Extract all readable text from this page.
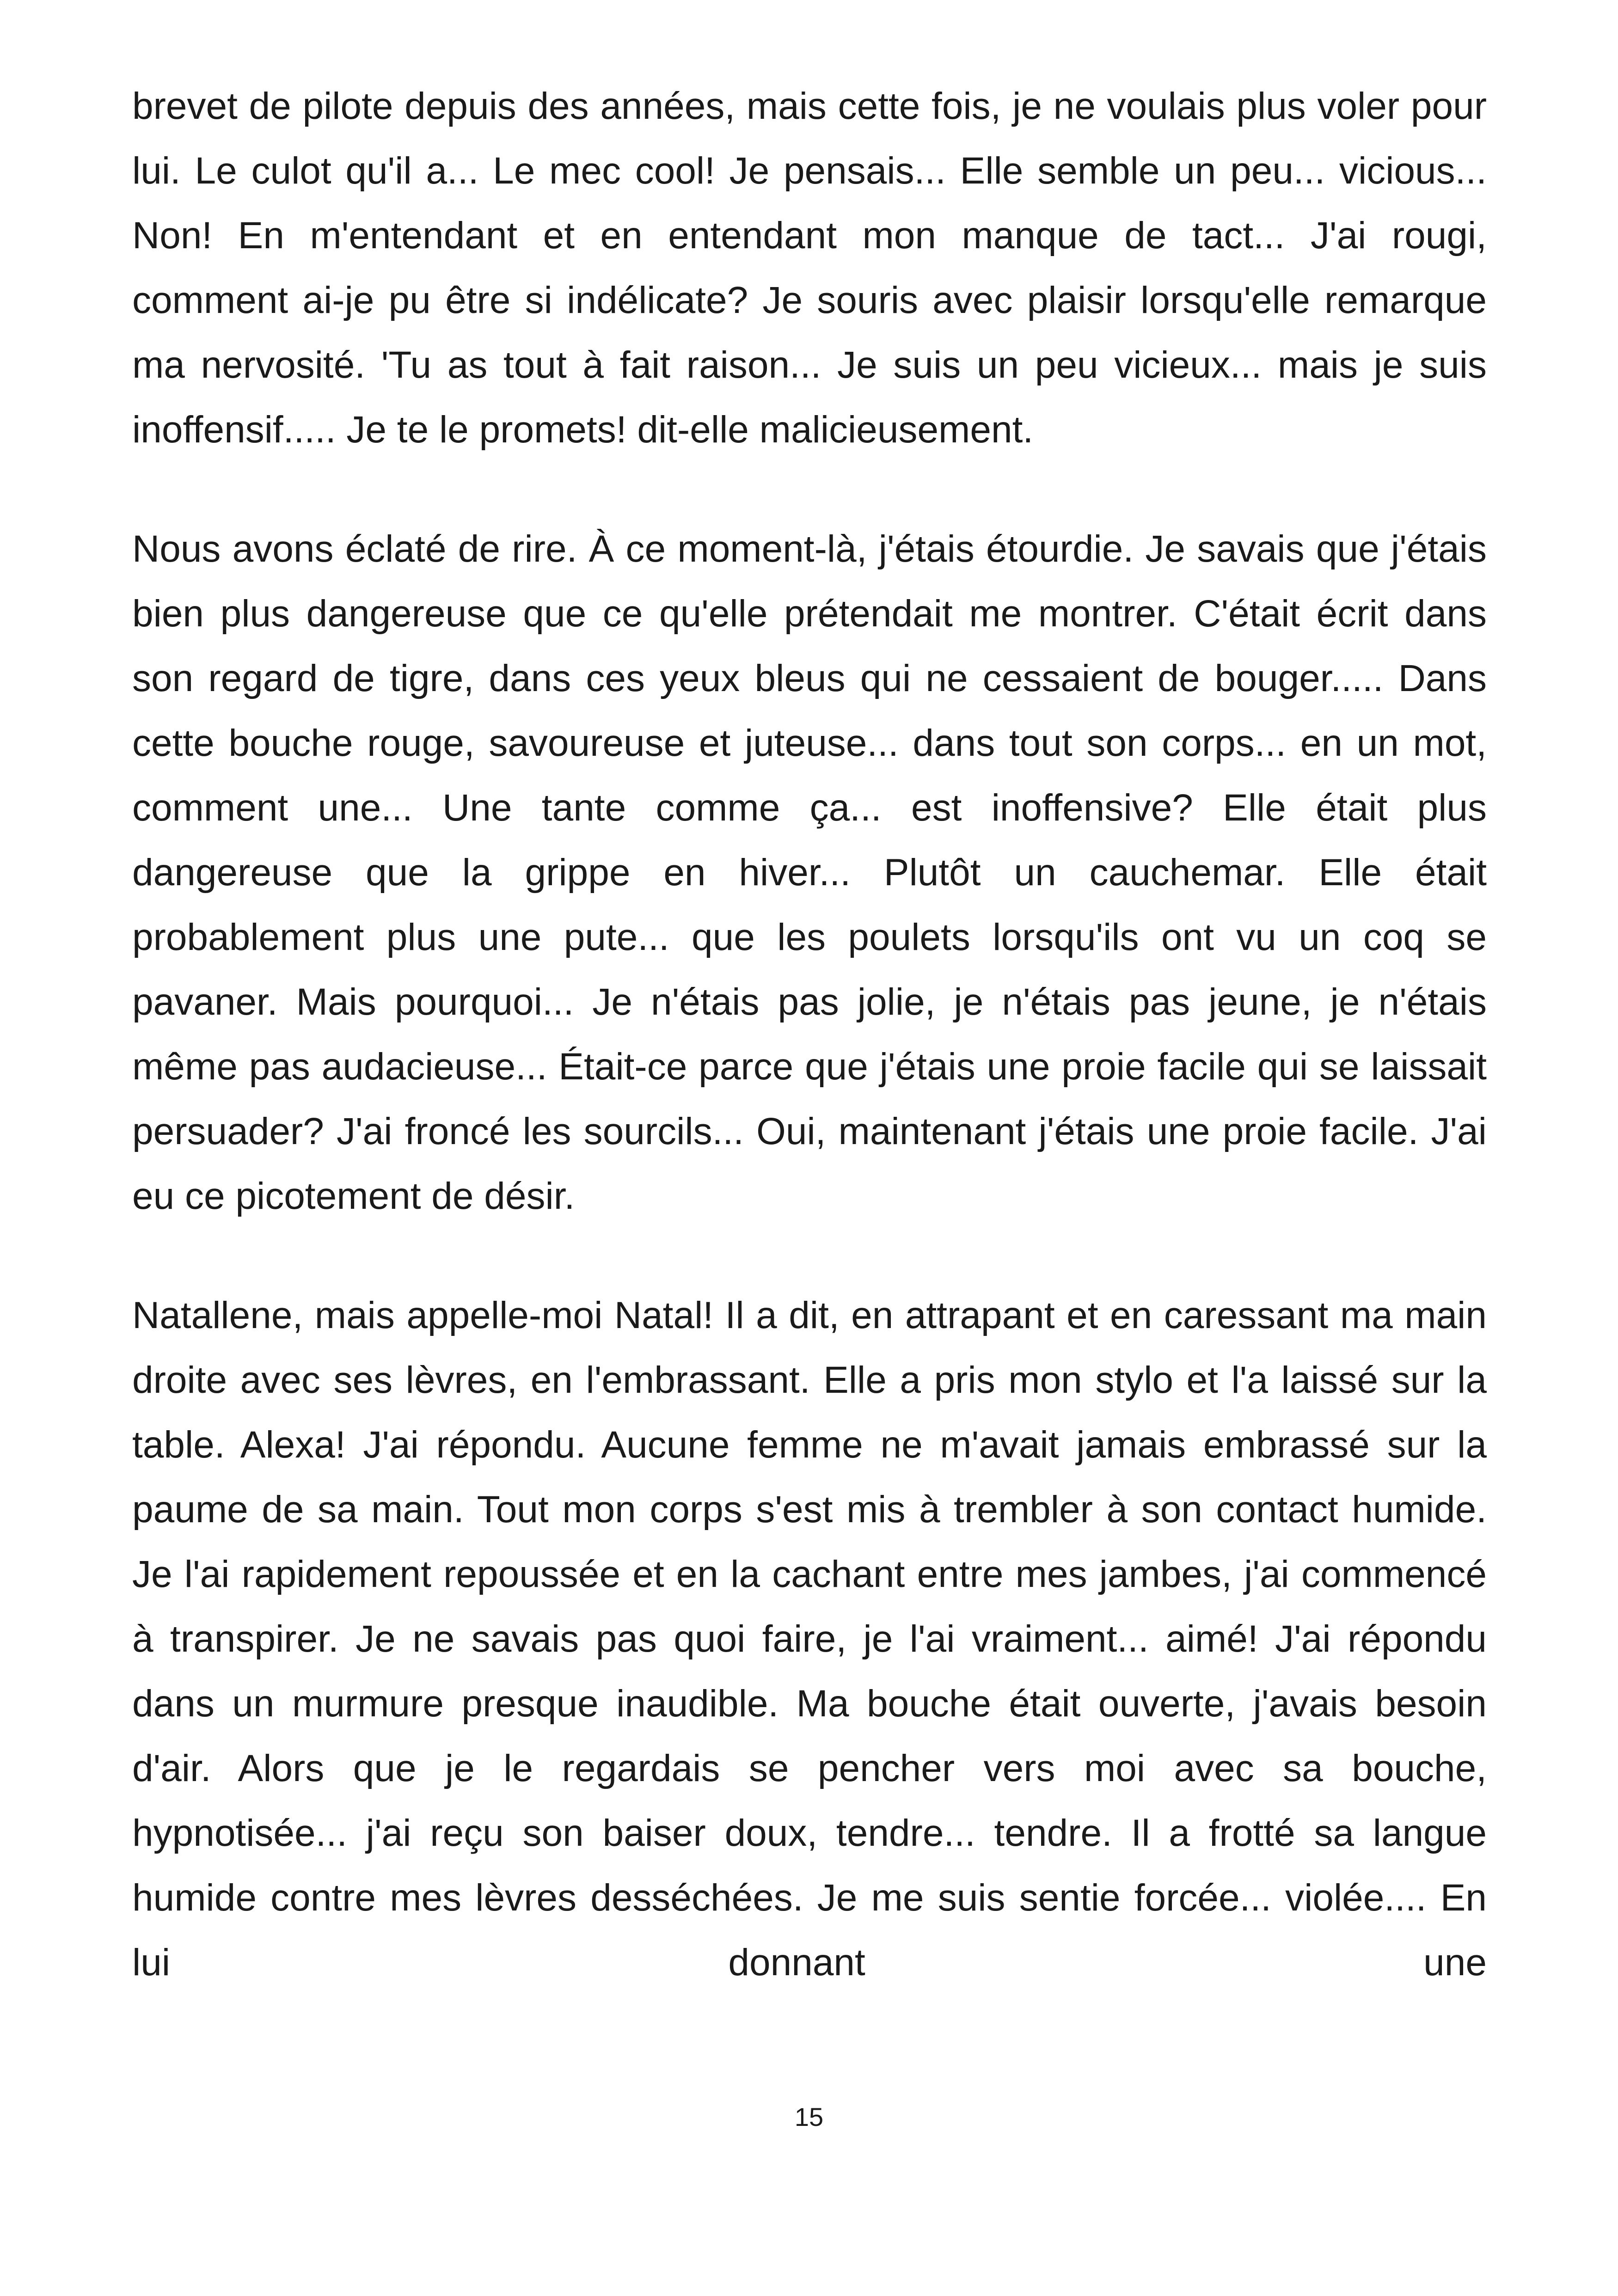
brevet de pilote depuis des années, mais cette fois, je ne voulais plus voler pour lui. Le culot qu'il a... Le mec cool! Je pensais... Elle semble un peu... vicious... Non! En m'entendant et en entendant mon manque de tact... J'ai rougi, comment ai-je pu être si indélicate? Je souris avec plaisir lorsqu'elle remarque ma nervosité. 'Tu as tout à fait raison... Je suis un peu vicieux... mais je suis inoffensif..... Je te le promets! dit-elle malicieusement.

Nous avons éclaté de rire. À ce moment-là, j'étais étourdie. Je savais que j'étais bien plus dangereuse que ce qu'elle prétendait me montrer. C'était écrit dans son regard de tigre, dans ces yeux bleus qui ne cessaient de bouger..... Dans cette bouche rouge, savoureuse et juteuse... dans tout son corps... en un mot, comment une... Une tante comme ça... est inoffensive? Elle était plus dangereuse que la grippe en hiver... Plutôt un cauchemar. Elle était probablement plus une pute... que les poulets lorsqu'ils ont vu un coq se pavaner. Mais pourquoi... Je n'étais pas jolie, je n'étais pas jeune, je n'étais même pas audacieuse... Était-ce parce que j'étais une proie facile qui se laissait persuader? J'ai froncé les sourcils... Oui, maintenant j'étais une proie facile. J'ai eu ce picotement de désir.

Natallene, mais appelle-moi Natal! Il a dit, en attrapant et en caressant ma main droite avec ses lèvres, en l'embrassant. Elle a pris mon stylo et l'a laissé sur la table. Alexa! J'ai répondu. Aucune femme ne m'avait jamais embrassé sur la paume de sa main. Tout mon corps s'est mis à trembler à son contact humide. Je l'ai rapidement repoussée et en la cachant entre mes jambes, j'ai commencé à transpirer. Je ne savais pas quoi faire, je l'ai vraiment... aimé! J'ai répondu dans un murmure presque inaudible. Ma bouche était ouverte, j'avais besoin d'air. Alors que je le regardais se pencher vers moi avec sa bouche, hypnotisée... j'ai reçu son baiser doux, tendre... tendre. Il a frotté sa langue humide contre mes lèvres desséchées. Je me suis sentie forcée... violée.... En lui donnant une

15
